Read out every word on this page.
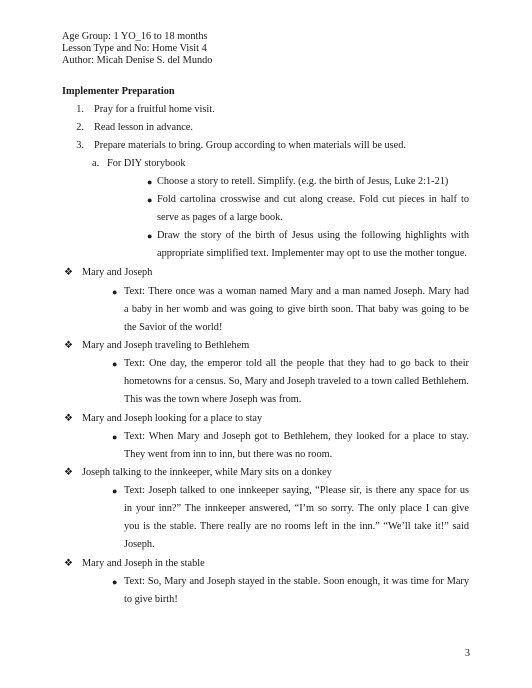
Age Group: 1 YO_16 to 18 months
Lesson Type and No: Home Visit 4
Author: Micah Denise S. del Mundo
Implementer Preparation
1. Pray for a fruitful home visit.
2. Read lesson in advance.
3. Prepare materials to bring. Group according to when materials will be used.
a. For DIY storybook
● Choose a story to retell. Simplify. (e.g. the birth of Jesus, Luke 2:1-21)
● Fold cartolina crosswise and cut along crease. Fold cut pieces in half to
serve as pages of a large book.
● Draw the story of the birth of Jesus using the following highlights with
appropriate simplified text. Implementer may opt to use the mother tongue.
❖ Mary and Joseph
● Text: There once was a woman named Mary and a man named Joseph. Mary had
a baby in her womb and was going to give birth soon. That baby was going to be
the Savior of the world!
❖ Mary and Joseph traveling to Bethlehem
● Text: One day, the emperor told all the people that they had to go back to their
hometowns for a census. So, Mary and Joseph traveled to a town called Bethlehem.
This was the town where Joseph was from.
❖ Mary and Joseph looking for a place to stay
● Text: When Mary and Joseph got to Bethlehem, they looked for a place to stay.
They went from inn to inn, but there was no room.
❖ Joseph talking to the innkeeper, while Mary sits on a donkey
● Text: Joseph talked to one innkeeper saying, “Please sir, is there any space for us
in your inn?” The innkeeper answered, “I’m so sorry. The only place I can give
you is the stable. There really are no rooms left in the inn.” “We’ll take it!” said
Joseph.
❖ Mary and Joseph in the stable
● Text: So, Mary and Joseph stayed in the stable. Soon enough, it was time for Mary
to give birth!
3
